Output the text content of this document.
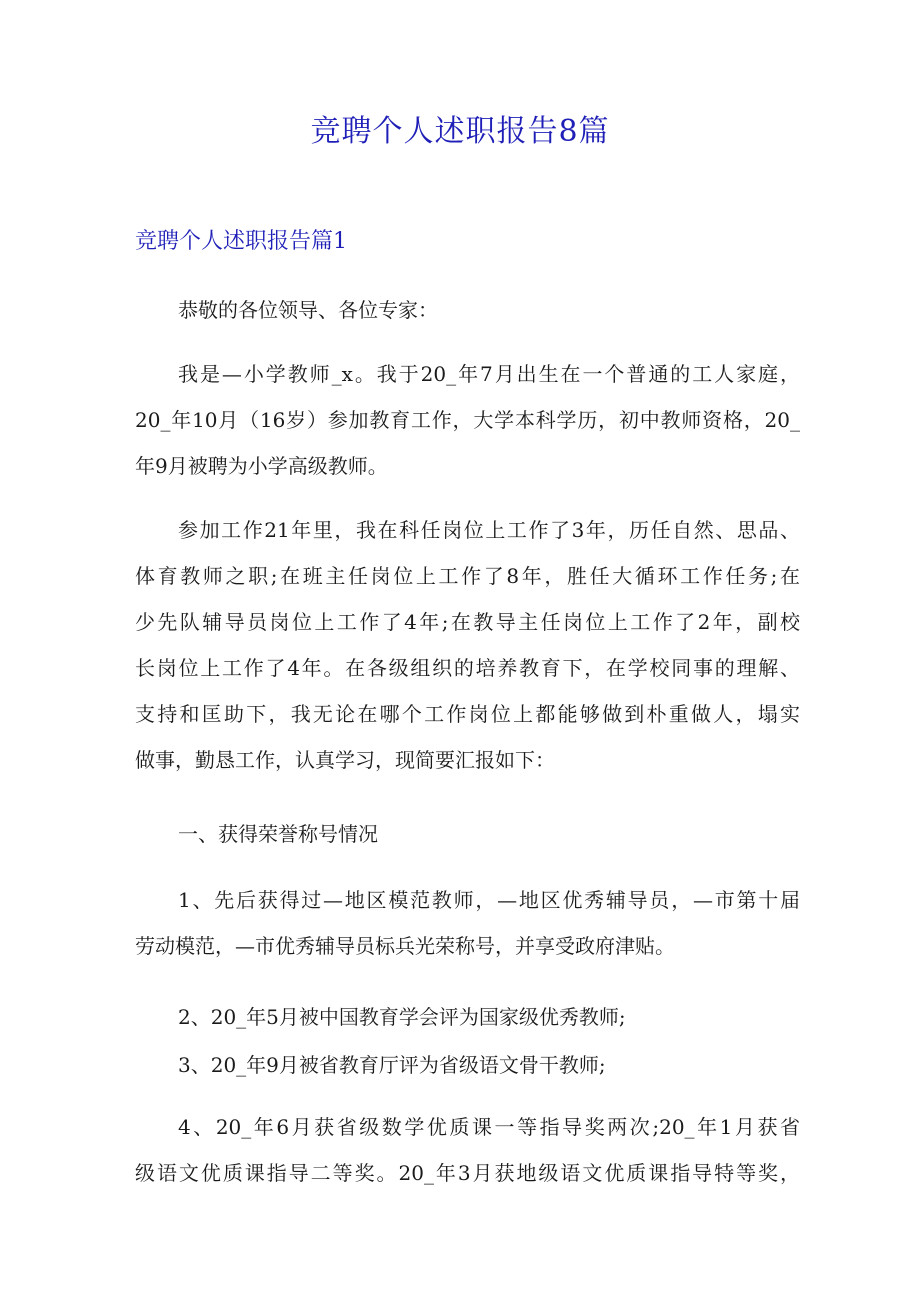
竞聘个人述职报告8篇
竞聘个人述职报告篇1

恭敬的各位领导、各位专家：

我是—小学教师_x。我于20_年7月出生在一个普通的工人家庭，
20_年10月（16岁）参加教育工作，大学本科学历，初中教师资格，20_
年9月被聘为小学高级教师。
参加工作21年里，我在科任岗位上工作了3年，历任自然、思品、
体育教师之职;在班主任岗位上工作了8年，胜任大循环工作任务;在
少先队辅导员岗位上工作了4年;在教导主任岗位上工作了2年，副校
长岗位上工作了4年。在各级组织的培养教育下，在学校同事的理解、
支持和匡助下，我无论在哪个工作岗位上都能够做到朴重做人，塌实
做事，勤恳工作，认真学习，现简要汇报如下：

一、获得荣誉称号情况

1、先后获得过—地区模范教师，—地区优秀辅导员，—市第十届
劳动模范，—市优秀辅导员标兵光荣称号，并享受政府津贴。

2、20_年5月被中国教育学会评为国家级优秀教师;

3、20_年9月被省教育厅评为省级语文骨干教师;

4、20_年6月获省级数学优质课一等指导奖两次;20_年1月获省
级语文优质课指导二等奖。20_年3月获地级语文优质课指导特等奖，
